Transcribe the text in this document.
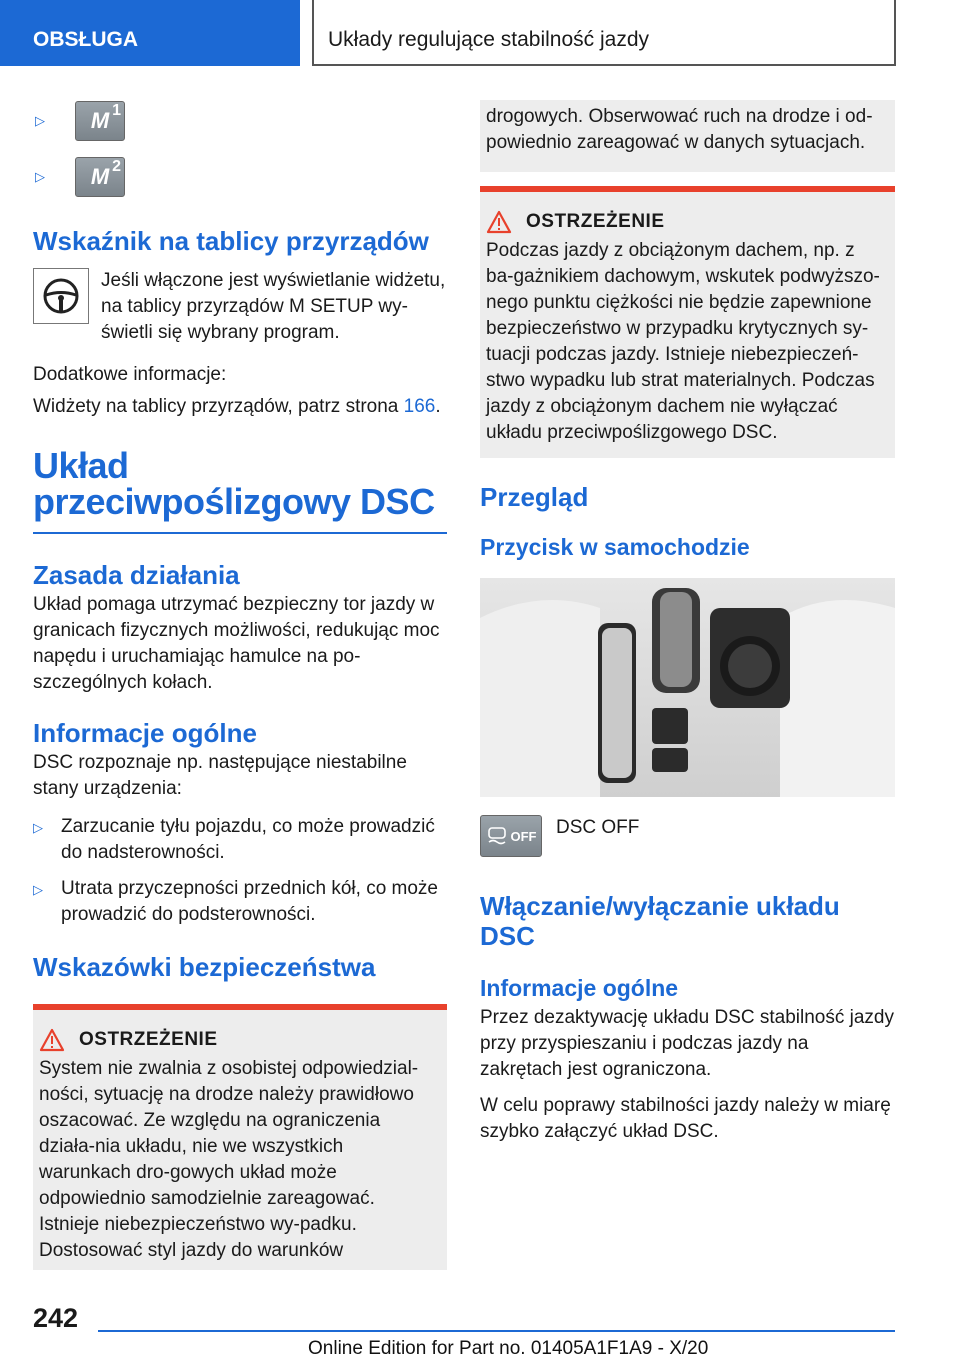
OBSŁUGA	Układy regulujące stabilność jazdy
▷	M 1
▷	M 2
Wskaźnik na tablicy przyrządów

Jeśli włączone jest wyświetlanie widżetu, na tablicy przyrządów M SETUP wy-świetli się wybrany program.

Dodatkowe informacje:

Widżety na tablicy przyrządów, patrz strona 166.

Układ przeciwpoślizgowy DSC
Zasada działania

Układ pomaga utrzymać bezpieczny tor jazdy w granicach fizycznych możliwości, redukując moc napędu i uruchamiając hamulce na po-szczególnych kołach.

Informacje ogólne

DSC rozpoznaje np. następujące niestabilne stany urządzenia:

▷ Zarzucanie tyłu pojazdu, co może prowadzić do nadsterowności.

▷ Utrata przyczepności przednich kół, co może prowadzić do podsterowności.

Wskazówki bezpieczeństwa
OSTRZEŻENIE

System nie zwalnia z osobistej odpowiedzial-ności, sytuację na drodze należy prawidłowo oszacować. Ze względu na ograniczenia działa-nia układu, nie we wszystkich warunkach dro-gowych układ może odpowiednio samodzielnie zareagować. Istnieje niebezpieczeństwo wy-padku. Dostosować styl jazdy do warunków

drogowych. Obserwować ruch na drodze i od-powiednio zareagować w danych sytuacjach.

OSTRZEŻENIE

Podczas jazdy z obciążonym dachem, np. z ba-gażnikiem dachowym, wskutek podwyższo-nego punktu ciężkości nie będzie zapewnione bezpieczeństwo w przypadku krytycznych sy-tuacji podczas jazdy. Istnieje niebezpieczeń-stwo wypadku lub strat materialnych. Podczas jazdy z obciążonym dachem nie wyłączać układu przeciwpoślizgowego DSC.

Przegląd
Przycisk w samochodzie
OFF DSC OFF

Włączanie/wyłączanie układu DSC
Informacje ogólne

Przez dezaktywację układu DSC stabilność jazdy przy przyspieszaniu i podczas jazdy na zakrętach jest ograniczona.

W celu poprawy stabilności jazdy należy w miarę szybko załączyć układ DSC.

242
Online Edition for Part no. 01405A1F1A9 - X/20
